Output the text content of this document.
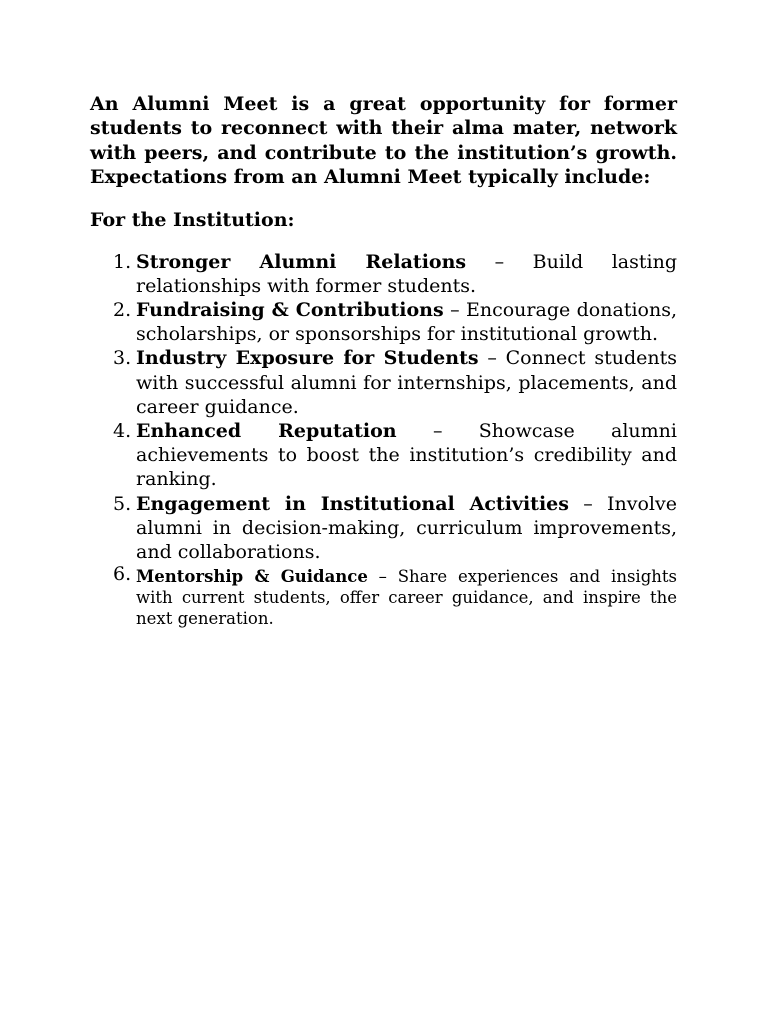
An Alumni Meet is a great opportunity for former students to reconnect with their alma mater, network with peers, and contribute to the institution’s growth. Expectations from an Alumni Meet typically include:

For the Institution:

1. Stronger Alumni Relations – Build lasting relationships with former students.
2. Fundraising & Contributions – Encourage donations, scholarships, or sponsorships for institutional growth.
3. Industry Exposure for Students – Connect students with successful alumni for internships, placements, and career guidance.
4. Enhanced Reputation – Showcase alumni achievements to boost the institution’s credibility and ranking.
5. Engagement in Institutional Activities – Involve alumni in decision-making, curriculum improvements, and collaborations.
6. Mentorship & Guidance – Share experiences and insights with current students, offer career guidance, and inspire the next generation.
